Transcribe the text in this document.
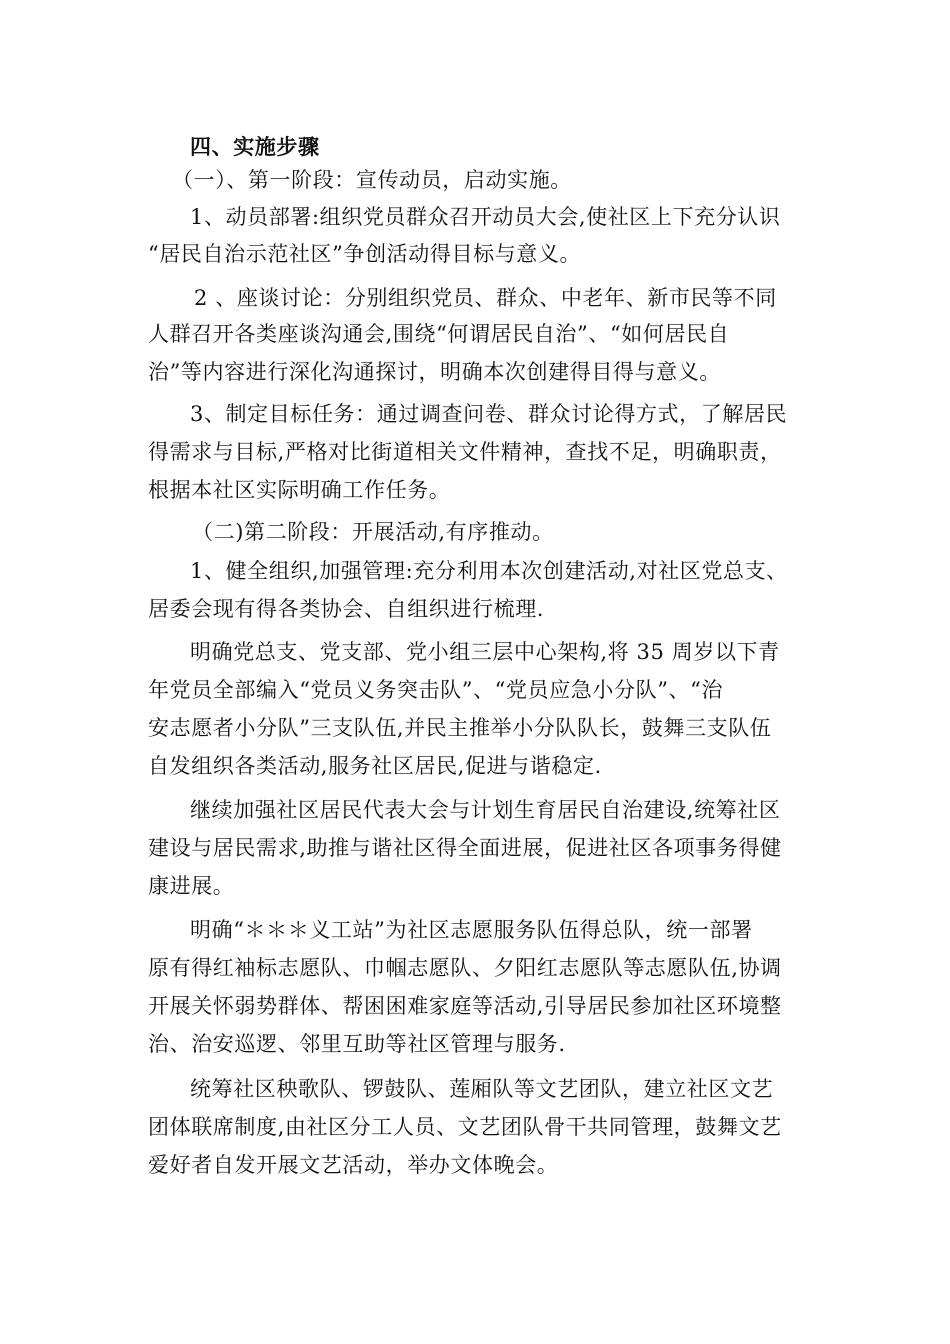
四、实施步骤
（一）、第一阶段：宣传动员，启动实施。
1、动员部署:组织党员群众召开动员大会,使社区上下充分认识
“居民自治示范社区”争创活动得目标与意义。
2 、座谈讨论：分别组织党员、群众、中老年、新市民等不同
人群召开各类座谈沟通会,围绕“何谓居民自治”、“如何居民自
治”等内容进行深化沟通探讨，明确本次创建得目得与意义。
3、制定目标任务：通过调查问卷、群众讨论得方式，了解居民
得需求与目标,严格对比街道相关文件精神，查找不足，明确职责，
根据本社区实际明确工作任务。
（二)第二阶段：开展活动,有序推动。
1、健全组织,加强管理:充分利用本次创建活动,对社区党总支、
居委会现有得各类协会、自组织进行梳理.
明确党总支、党支部、党小组三层中心架构,将 35 周岁以下青
年党员全部编入“党员义务突击队”、“党员应急小分队”、“治
安志愿者小分队”三支队伍,并民主推举小分队队长，鼓舞三支队伍
自发组织各类活动,服务社区居民,促进与谐稳定.
继续加强社区居民代表大会与计划生育居民自治建设,统筹社区
建设与居民需求,助推与谐社区得全面进展，促进社区各项事务得健
康进展。
明确“＊＊＊义工站”为社区志愿服务队伍得总队，统一部署
原有得红袖标志愿队、巾帼志愿队、夕阳红志愿队等志愿队伍,协调
开展关怀弱势群体、帮困困难家庭等活动,引导居民参加社区环境整
治、治安巡逻、邻里互助等社区管理与服务.
统筹社区秧歌队、锣鼓队、莲厢队等文艺团队，建立社区文艺
团体联席制度,由社区分工人员、文艺团队骨干共同管理，鼓舞文艺
爱好者自发开展文艺活动，举办文体晚会。
